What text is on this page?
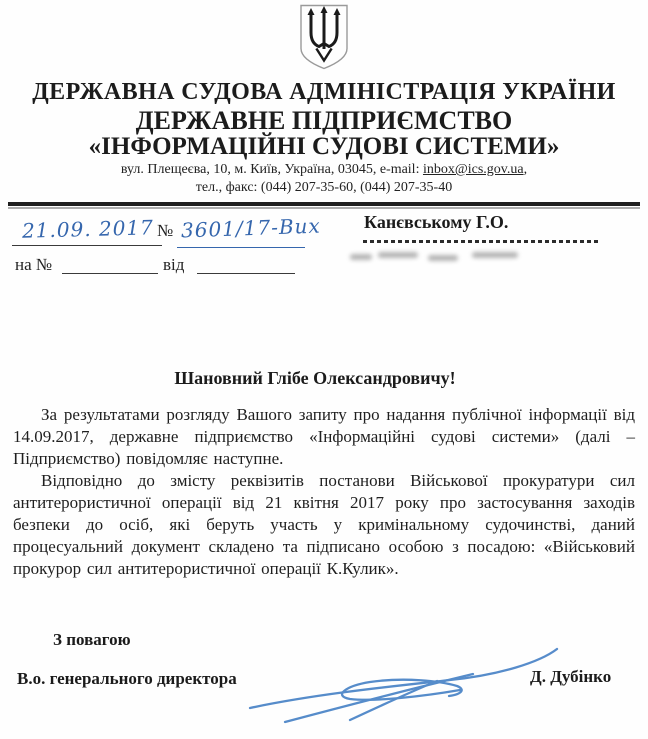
ДЕРЖАВНА СУДОВА АДМІНІСТРАЦІЯ УКРАЇНИ
ДЕРЖАВНЕ ПІДПРИЄМСТВО
«ІНФОРМАЦІЙНІ СУДОВІ СИСТЕМИ»
вул. Плещеєва, 10, м. Київ, Україна, 03045, e-mail: inbox@ics.gov.ua,
тел., факс: (044) 207-35-60, (044) 207-35-40
21.09. 2017 № 3601/17-Вих
на №	від
Канєвському Г.О.
Шановний Глібе Олександровичу!

За результатами розгляду Вашого запиту про надання публічної інформації від 14.09.2017, державне підприємство «Інформаційні судові системи» (далі – Підприємство) повідомляє наступне.

Відповідно до змісту реквізитів постанови Військової прокуратури сил антитерористичної операції від 21 квітня 2017 року про застосування заходів безпеки до осіб, які беруть участь у кримінальному судочинстві, даний процесуальний документ складено та підписано особою з посадою: «Військовий прокурор сил антитерористичної операції К.Кулик».

З повагою
В.о. генерального директора	Д. Дубінко
